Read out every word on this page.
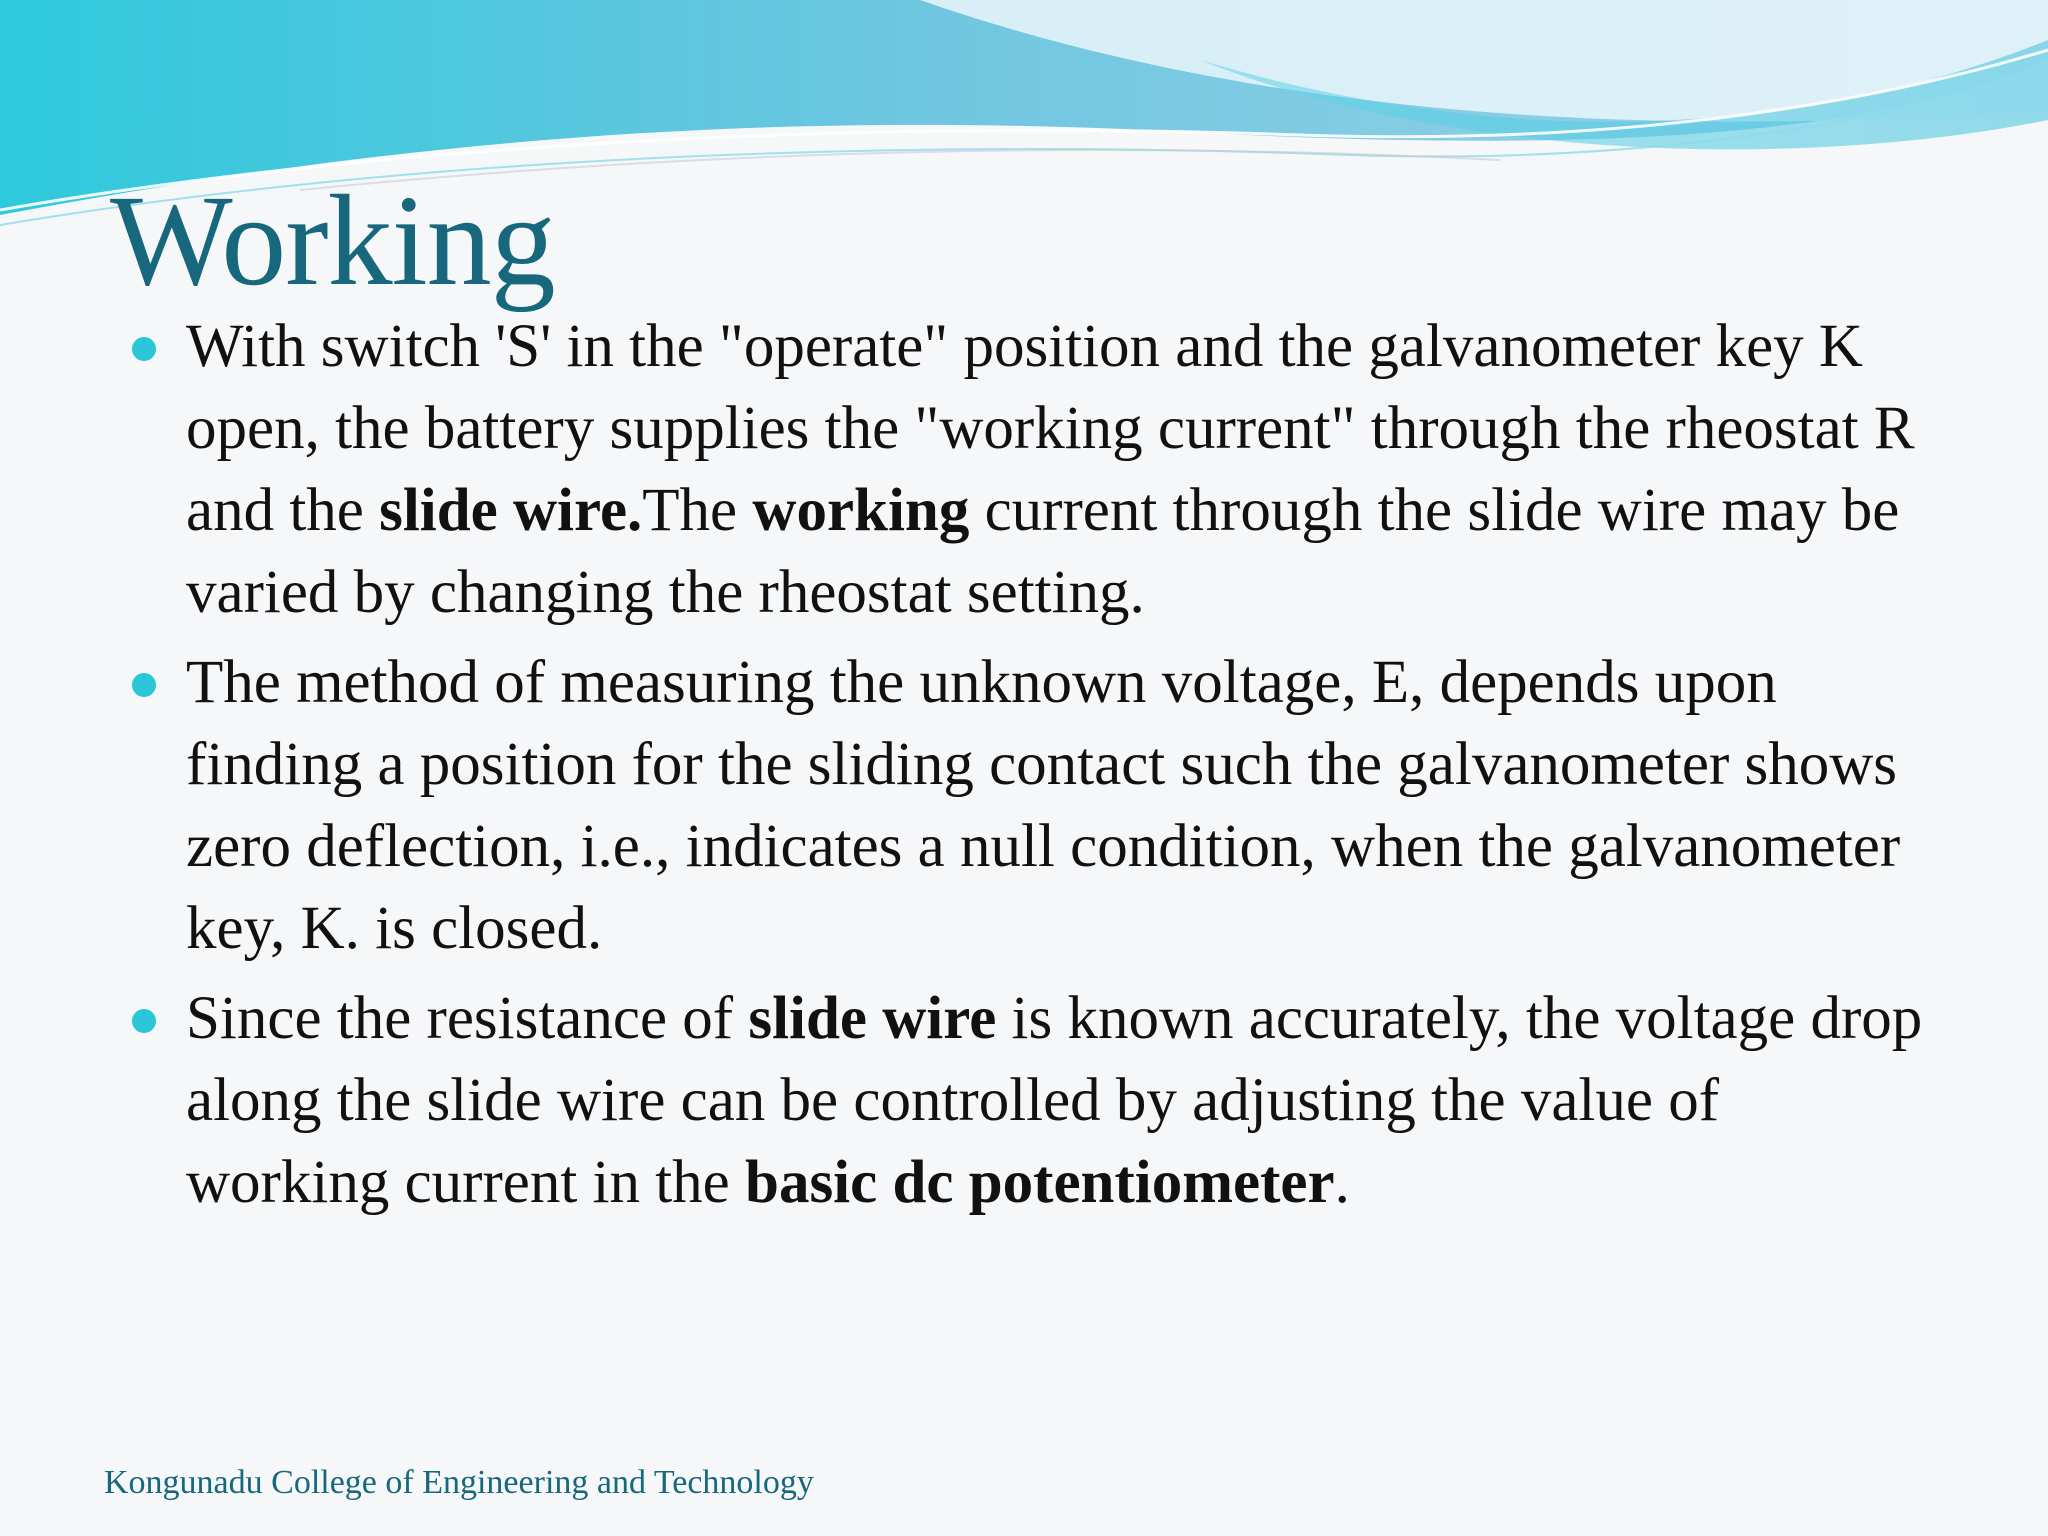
Working
With switch 'S' in the "operate" position and the galvanometer key K open, the battery supplies the "working current" through the rheostat R and the slide wire.The working current through the slide wire may be varied by changing the rheostat setting.
The method of measuring the unknown voltage, E, depends upon finding a position for the sliding contact such the galvanometer shows zero deflection, i.e., indicates a null condition, when the galvanometer key, K. is closed.
Since the resistance of slide wire is known accurately, the voltage drop along the slide wire can be controlled by adjusting the value of working current in the basic dc potentiometer.
Kongunadu College of Engineering and Technology
